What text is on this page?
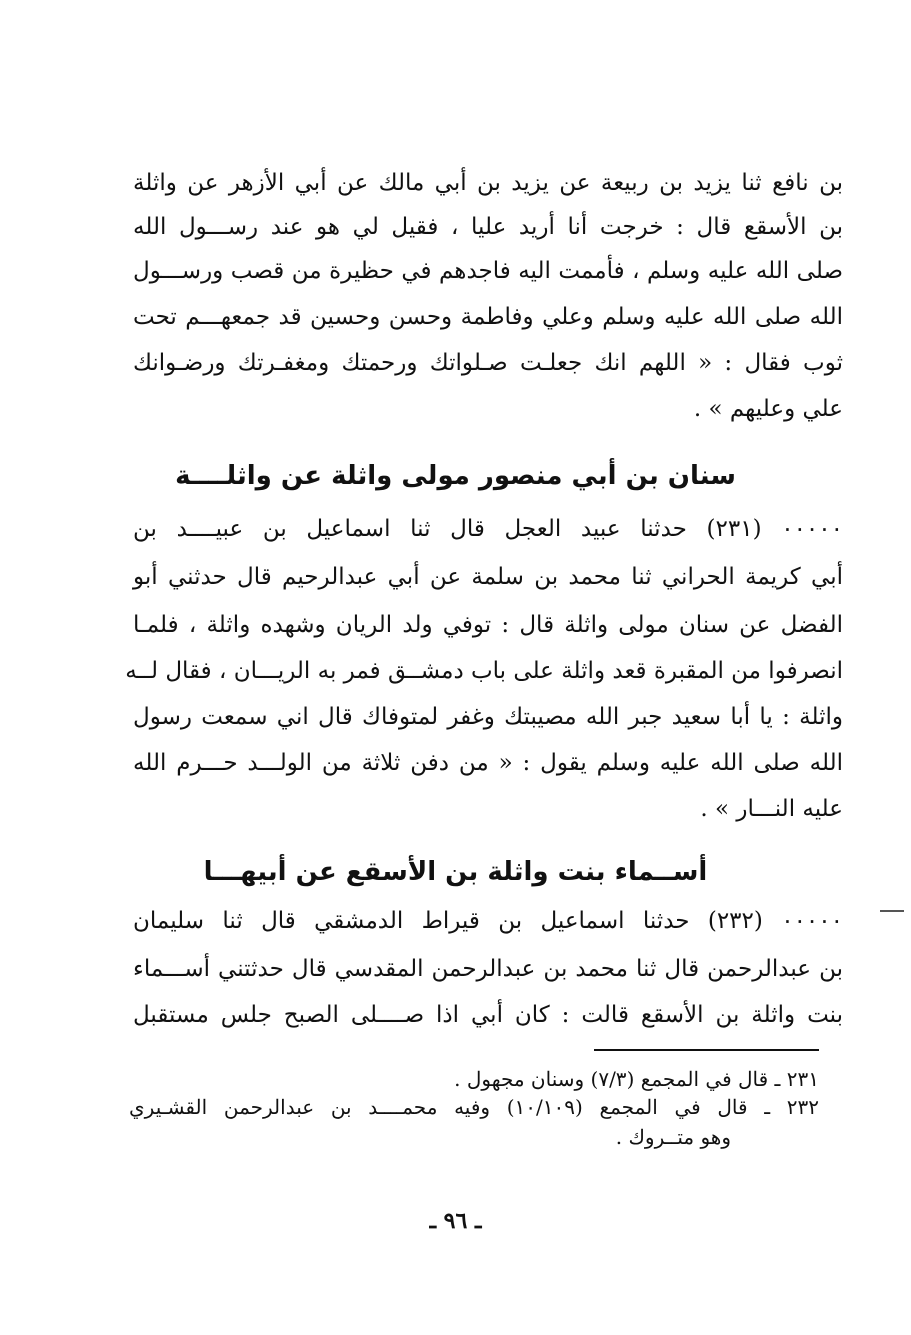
بن نافع ثنا يزيد بن ربيعة عن يزيد بن أبي مالك عن أبي الأزهر عن واثلة
بن الأسقع قال : خرجت أنا أريد عليا ، فقيل لي هو عند رســـول الله
صلى الله عليه وسلم ، فأممت اليه فاجدهم في حظيرة من قصب ورســـول
الله صلى الله عليه وسلم وعلي وفاطمة وحسن وحسين قد جمعهـــم تحت
ثوب فقال : « اللهم انك جعلـت صـلواتك ورحمتك ومغفـرتك ورضـوانك
علي وعليهم » .
سنان بن أبي منصور مولى واثلة عن واثلــــة
٠٠٠٠٠ (٢٣١) حدثنا عبيد العجل قال ثنا اسماعيل بن عبيــــد بن
أبي كريمة الحراني ثنا محمد بن سلمة عن أبي عبدالرحيم قال حدثني أبو
الفضل عن سنان مولى واثلة قال : توفي ولد الريان وشهده واثلة ، فلمـا
انصرفوا من المقبرة قعد واثلة على باب دمشــق فمر به الريـــان ، فقال لــه
واثلة : يا أبا سعيد جبر الله مصيبتك وغفر لمتوفاك قال اني سمعت رسول
الله صلى الله عليه وسلم يقول : « من دفن ثلاثة من الولـــد حـــرم الله
عليه النـــار » .
أســماء بنت واثلة بن الأسقع عن أبيهـــا
٠٠٠٠٠ (٢٣٢) حدثنا اسماعيل بن قيراط الدمشقي قال ثنا سليمان
بن عبدالرحمن قال ثنا محمد بن عبدالرحمن المقدسي قال حدثتني أســـماء
بنت واثلة بن الأسقع قالت : كان أبي اذا صــــلى الصبح جلس مستقبل
٢٣١ ـ قال في المجمع (٧/٣) وسنان مجهول .
٢٣٢ ـ قال في المجمع (١٠/١٠٩) وفيه محمــــد بن عبدالرحمن القشـيري
وهو متــروك .
ـ ٩٦ ـ
